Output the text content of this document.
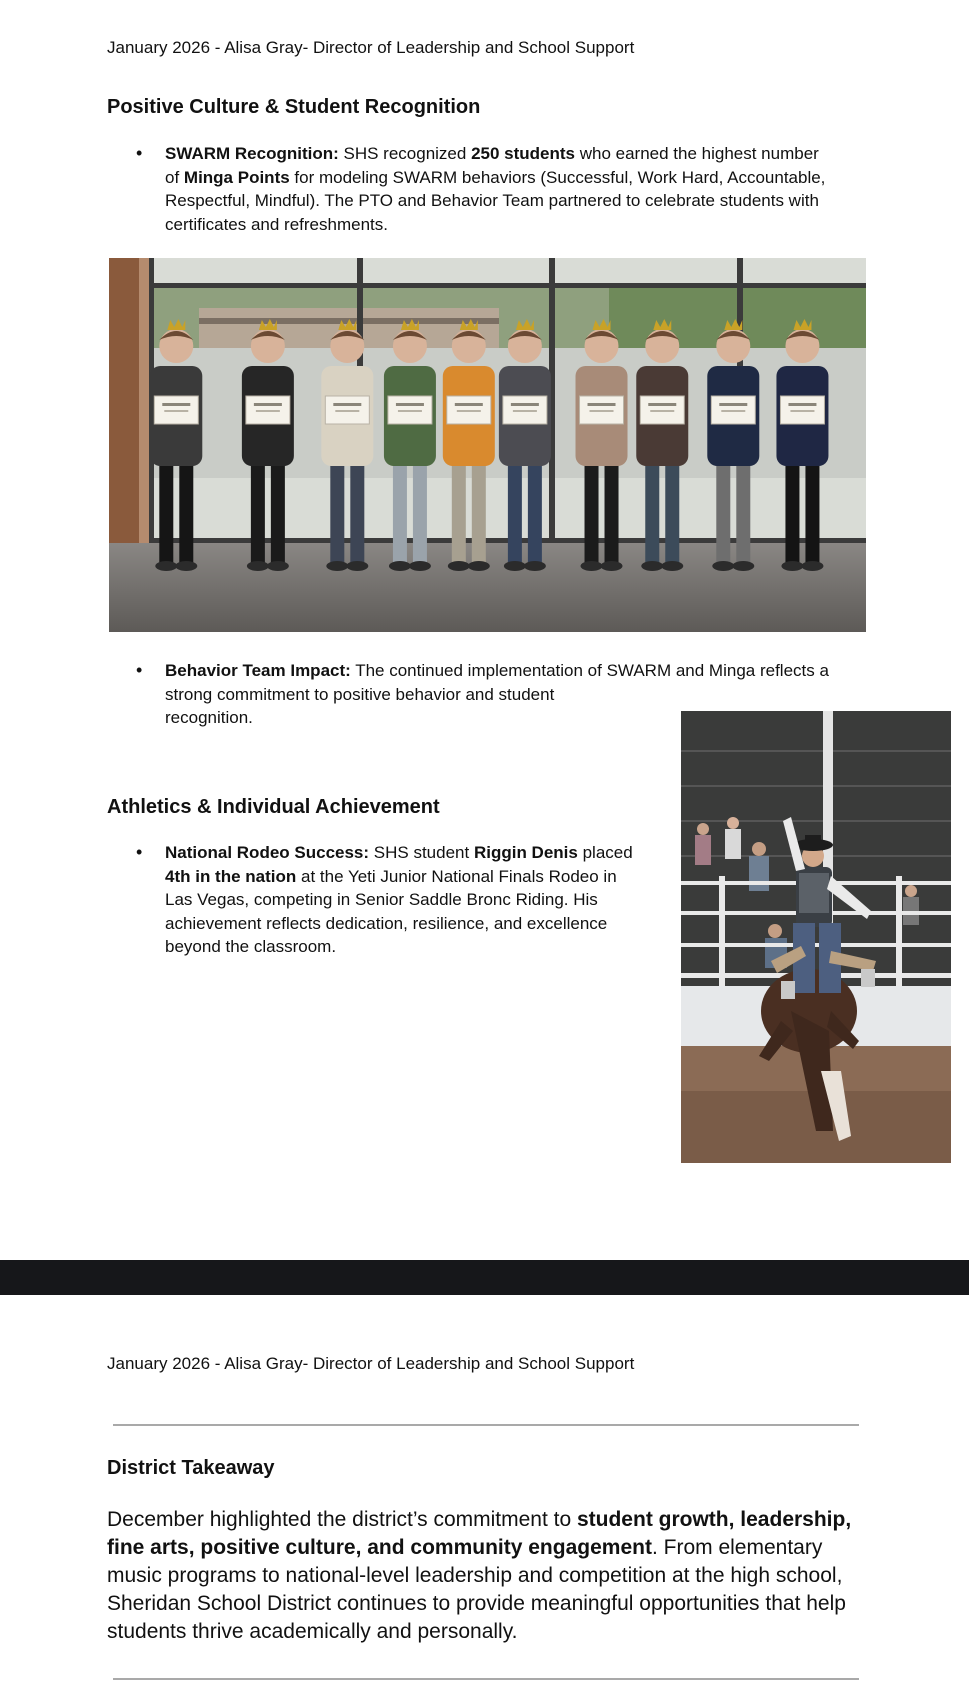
January 2026 - Alisa Gray- Director of Leadership and School Support
Positive Culture & Student Recognition

• SWARM Recognition: SHS recognized 250 students who earned the highest number

of Minga Points for modeling SWARM behaviors (Successful, Work Hard, Accountable,

Respectful, Mindful). The PTO and Behavior Team partnered to celebrate students with

certificates and refreshments.

• Behavior Team Impact: The continued implementation of SWARM and Minga reflects a

strong commitment to positive behavior and student

recognition.

Athletics & Individual Achievement

• National Rodeo Success: SHS student Riggin Denis placed

4th in the nation at the Yeti Junior National Finals Rodeo in

Las Vegas, competing in Senior Saddle Bronc Riding. His

achievement reflects dedication, resilience, and excellence

beyond the classroom.

January 2026 - Alisa Gray- Director of Leadership and School Support
District Takeaway
December highlighted the district’s commitment to student growth, leadership,
fine arts, positive culture, and community engagement. From elementary
music programs to national-level leadership and competition at the high school,
Sheridan School District continues to provide meaningful opportunities that help
students thrive academically and personally.
